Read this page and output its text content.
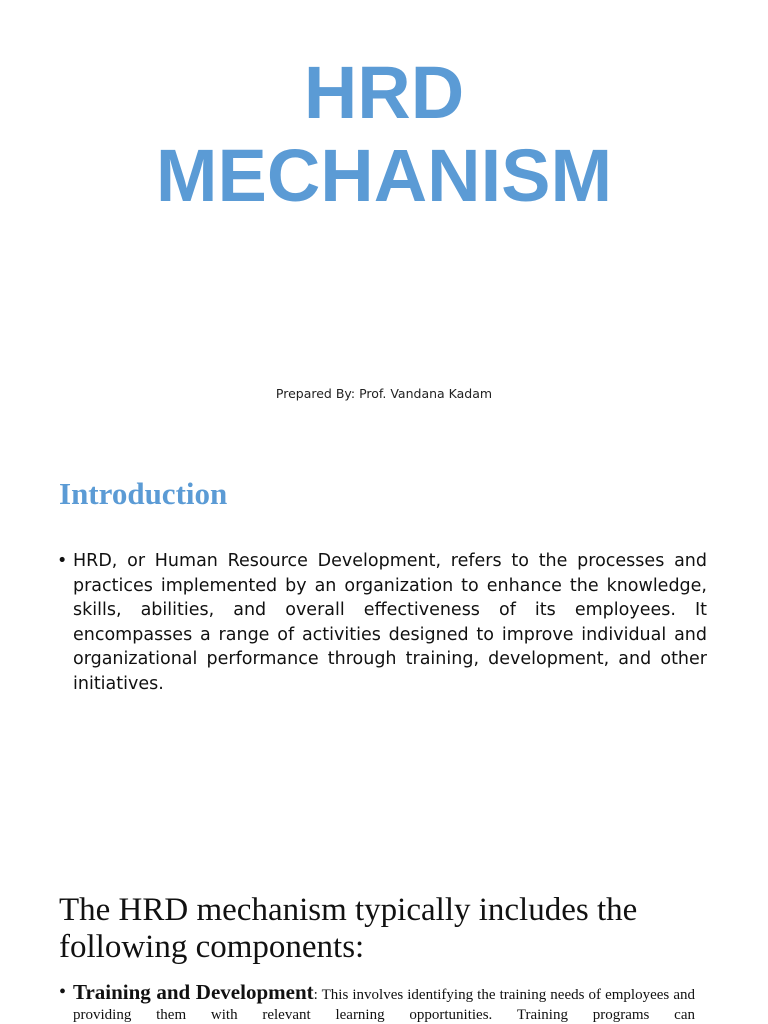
HRD
MECHANISM

Prepared By: Prof. Vandana Kadam

Introduction
• HRD, or Human Resource Development, refers to the processes and practices implemented by an organization to enhance the knowledge, skills, abilities, and overall effectiveness of its employees. It encompasses a range of activities designed to improve individual and organizational performance through training, development, and other initiatives.
The HRD mechanism typically includes the following components:
• Training and Development: This involves identifying the training needs of employees and providing them with relevant learning opportunities. Training programs can
